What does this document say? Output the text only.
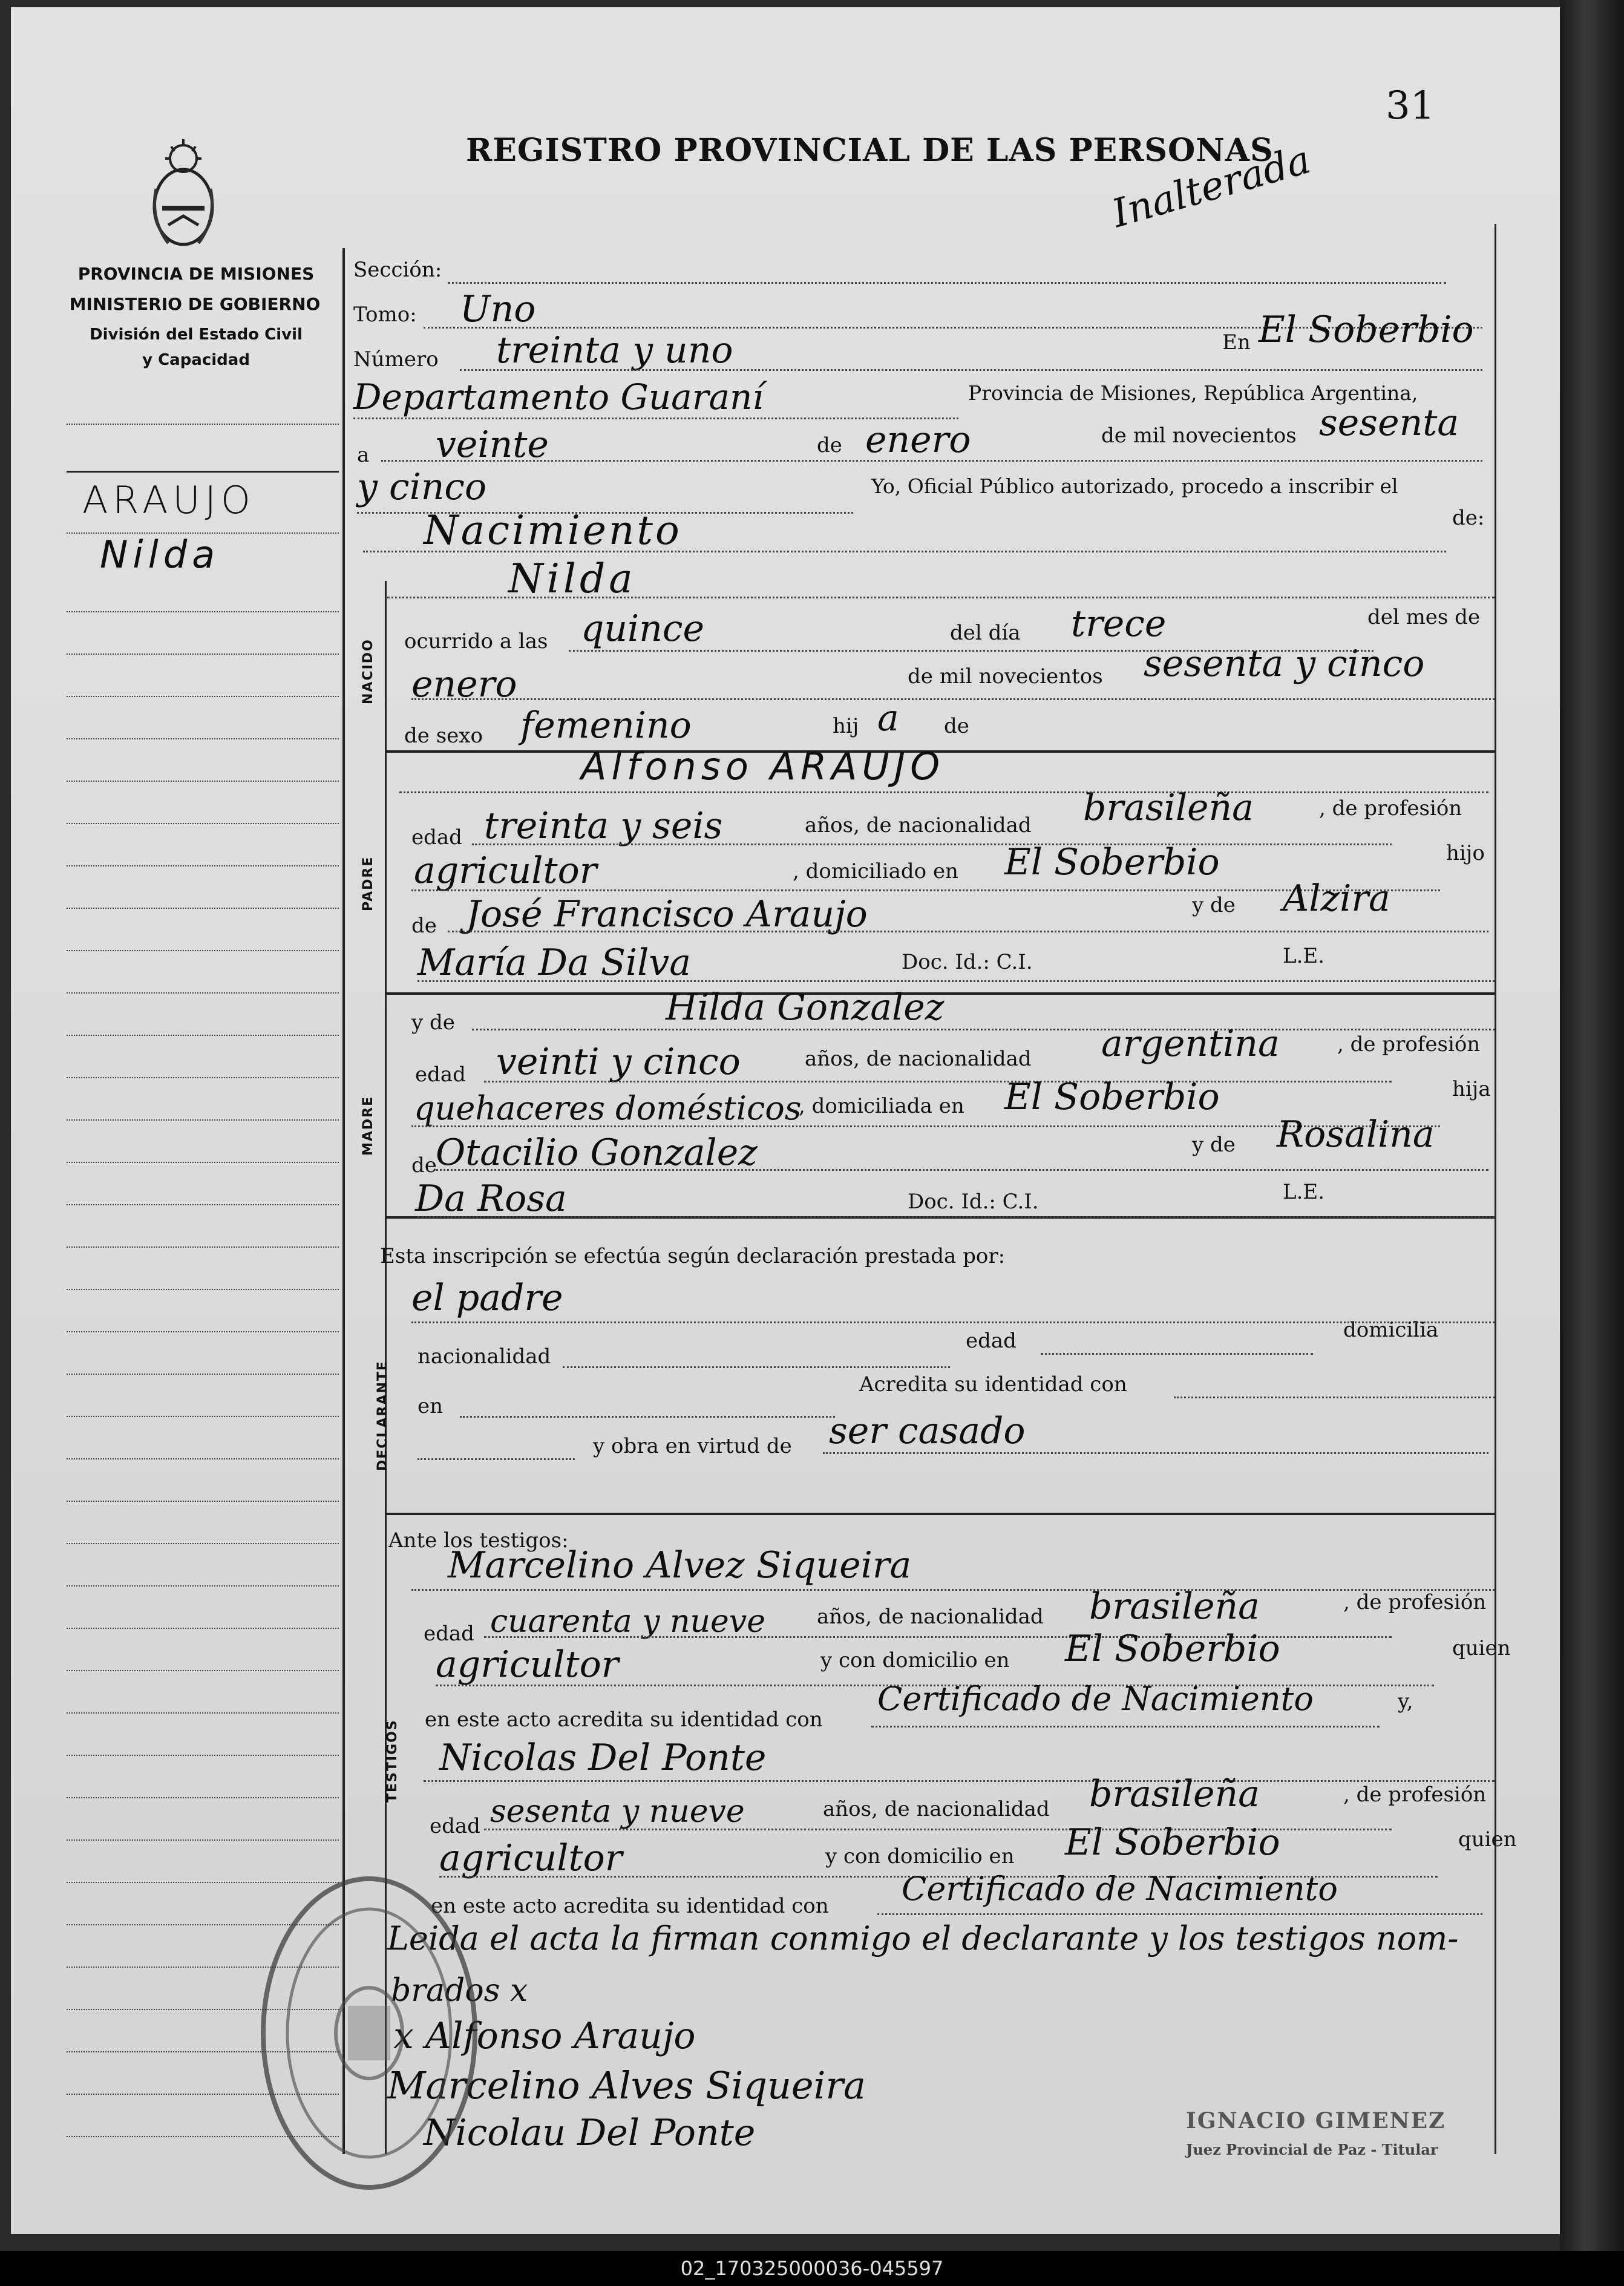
31
REGISTRO PROVINCIAL DE LAS PERSONAS
Inalterada
PROVINCIA DE MISIONES
MINISTERIO DE GOBIERNO
División del Estado Civil
y Capacidad
ARAUJO
Nilda
NACIDO
PADRE
MADRE
DECLARANTE
TESTIGOS
Sección:
Tomo: Uno
Número treinta y uno	En El Soberbio
Departamento Guaraní	Provincia de Misiones, República Argentina,
a veinte	de enero	de mil novecientos sesenta
y cinco	Yo, Oficial Público autorizado, procedo a inscribir el
Nacimiento	de:
Nilda
ocurrido a las quince	del día trece	del mes de
enero	de mil novecientos sesenta y cinco
de sexo femenino	hij a de
Alfonso ARAUJO
edad treinta y seis	años, de nacionalidad brasileña	, de profesión
agricultor	, domiciliado en El Soberbio	hijo
de José Francisco Araujo	y de Alzira
María Da Silva	Doc. Id.: C.I.	L.E.
y de	Hilda Gonzalez
edad veinti y cinco	años, de nacionalidad argentina	, de profesión
quehaceres domésticos
, domiciliada en El Soberbio	hija
de
Otacilio Gonzalez	y de Rosalina
Da Rosa	Doc. Id.: C.I.	L.E.
Esta inscripción se efectúa según declaración prestada por:
el padre
nacionalidad
edad	domicilia
en
Acredita su identidad con
y obra en virtud de ser casado
Ante los testigos:
Marcelino Alvez Siqueira
edad cuarenta y nueve	años, de nacionalidad brasileña	, de profesión
agricultor	y con domicilio en El Soberbio	quien
en este acto acredita su identidad con
Certificado de Nacimiento	y,
Nicolas Del Ponte
edad sesenta y nueve	años, de nacionalidad brasileña	, de profesión
agricultor	y con domicilio en El Soberbio	quien
en este acto acredita su identidad con Certificado de Nacimiento
Leida el acta la firman conmigo el declarante y los testigos nom-
brados x
x Alfonso Araujo
Marcelino Alves Siqueira
Nicolau Del Ponte	IGNACIO GIMENEZ
Juez Provincial de Paz - Titular
02_170325000036-045597
